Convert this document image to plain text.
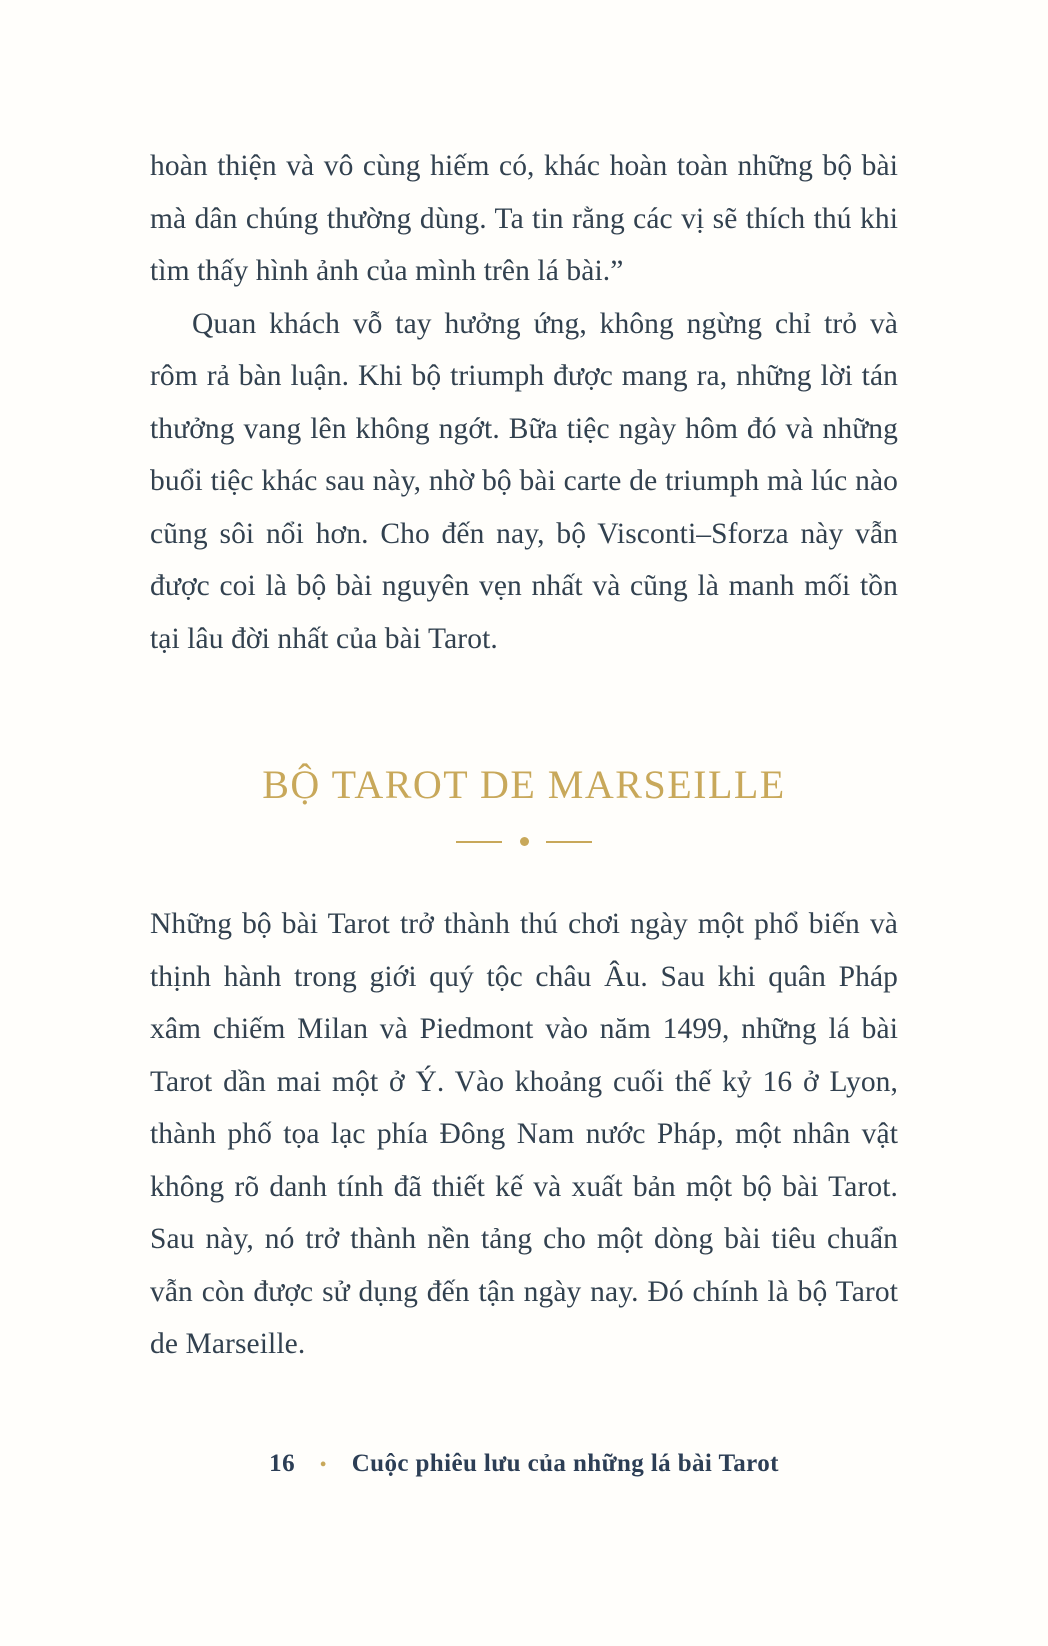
hoàn thiện và vô cùng hiếm có, khác hoàn toàn những bộ bài mà dân chúng thường dùng. Ta tin rằng các vị sẽ thích thú khi tìm thấy hình ảnh của mình trên lá bài.”

Quan khách vỗ tay hưởng ứng, không ngừng chỉ trỏ và rôm rả bàn luận. Khi bộ triumph được mang ra, những lời tán thưởng vang lên không ngớt. Bữa tiệc ngày hôm đó và những buổi tiệc khác sau này, nhờ bộ bài carte de triumph mà lúc nào cũng sôi nổi hơn. Cho đến nay, bộ Visconti–Sforza này vẫn được coi là bộ bài nguyên vẹn nhất và cũng là manh mối tồn tại lâu đời nhất của bài Tarot.

BỘ TAROT DE MARSEILLE

Những bộ bài Tarot trở thành thú chơi ngày một phổ biến và thịnh hành trong giới quý tộc châu Âu. Sau khi quân Pháp xâm chiếm Milan và Piedmont vào năm 1499, những lá bài Tarot dần mai một ở Ý. Vào khoảng cuối thế kỷ 16 ở Lyon, thành phố tọa lạc phía Đông Nam nước Pháp, một nhân vật không rõ danh tính đã thiết kế và xuất bản một bộ bài Tarot. Sau này, nó trở thành nền tảng cho một dòng bài tiêu chuẩn vẫn còn được sử dụng đến tận ngày nay. Đó chính là bộ Tarot de Marseille.

16 • Cuộc phiêu lưu của những lá bài Tarot
